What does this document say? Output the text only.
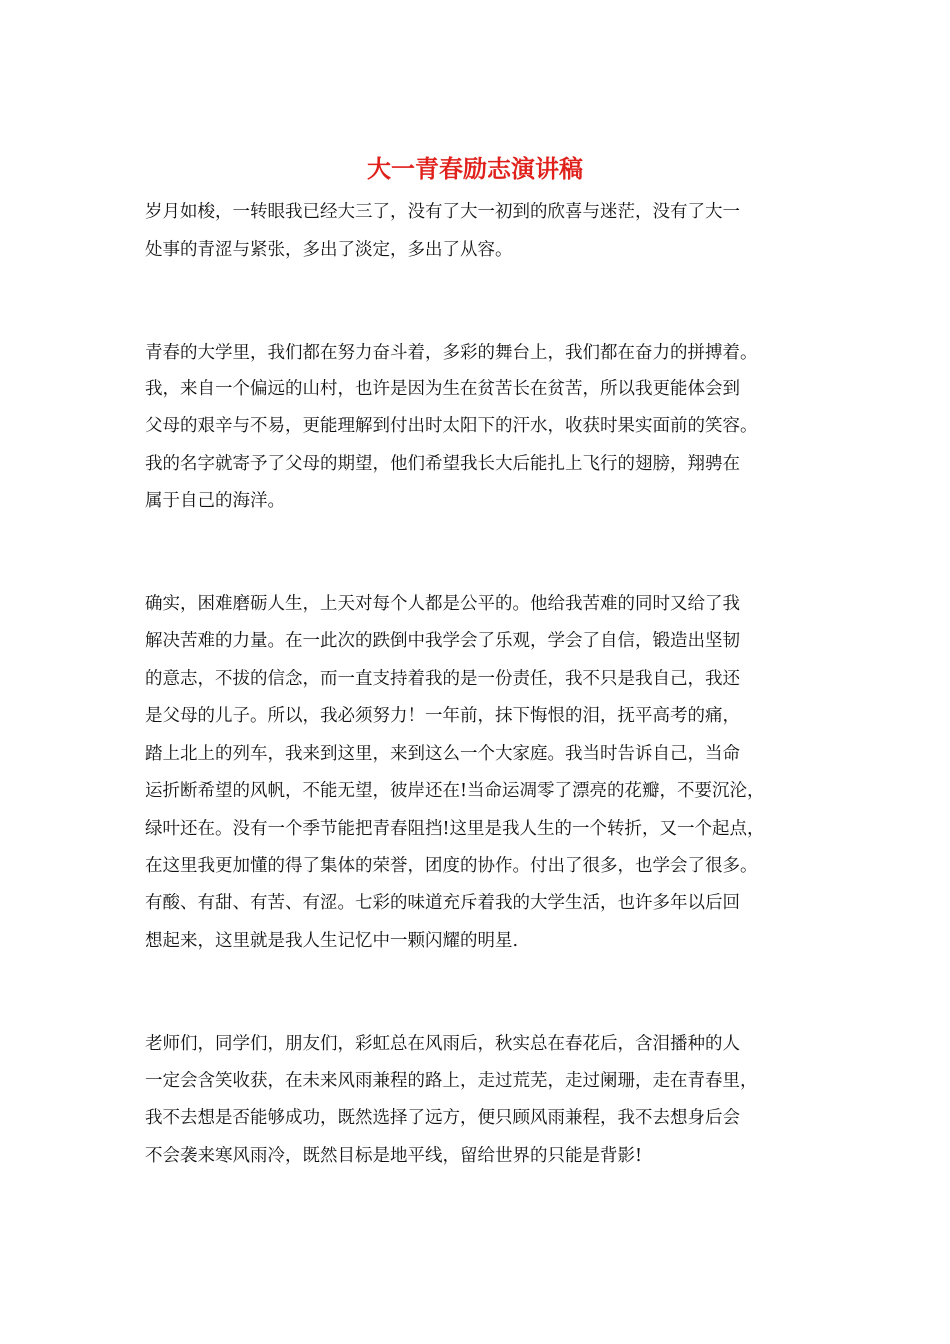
大一青春励志演讲稿

岁月如梭，一转眼我已经大三了，没有了大一初到的欣喜与迷茫，没有了大一

处事的青涩与紧张，多出了淡定，多出了从容。

青春的大学里，我们都在努力奋斗着，多彩的舞台上，我们都在奋力的拼搏着。

我，来自一个偏远的山村，也许是因为生在贫苦长在贫苦，所以我更能体会到

父母的艰辛与不易，更能理解到付出时太阳下的汗水，收获时果实面前的笑容。

我的名字就寄予了父母的期望，他们希望我长大后能扎上飞行的翅膀，翔骋在

属于自己的海洋。

确实，困难磨砺人生，上天对每个人都是公平的。他给我苦难的同时又给了我

解决苦难的力量。在一此次的跌倒中我学会了乐观，学会了自信，锻造出坚韧

的意志，不拔的信念，而一直支持着我的是一份责任，我不只是我自己，我还

是父母的儿子。所以，我必须努力！一年前，抹下悔恨的泪，抚平高考的痛，

踏上北上的列车，我来到这里，来到这么一个大家庭。我当时告诉自己，当命

运折断希望的风帆，不能无望，彼岸还在!当命运凋零了漂亮的花瓣，不要沉沦，

绿叶还在。没有一个季节能把青春阻挡!这里是我人生的一个转折，又一个起点，

在这里我更加懂的得了集体的荣誉，团度的协作。付出了很多，也学会了很多。

有酸、有甜、有苦、有涩。七彩的味道充斥着我的大学生活，也许多年以后回

想起来，这里就是我人生记忆中一颗闪耀的明星.

老师们，同学们，朋友们，彩虹总在风雨后，秋实总在春花后，含泪播种的人

一定会含笑收获，在未来风雨兼程的路上，走过荒芜，走过阑珊，走在青春里，

我不去想是否能够成功，既然选择了远方，便只顾风雨兼程，我不去想身后会

不会袭来寒风雨冷，既然目标是地平线，留给世界的只能是背影!
